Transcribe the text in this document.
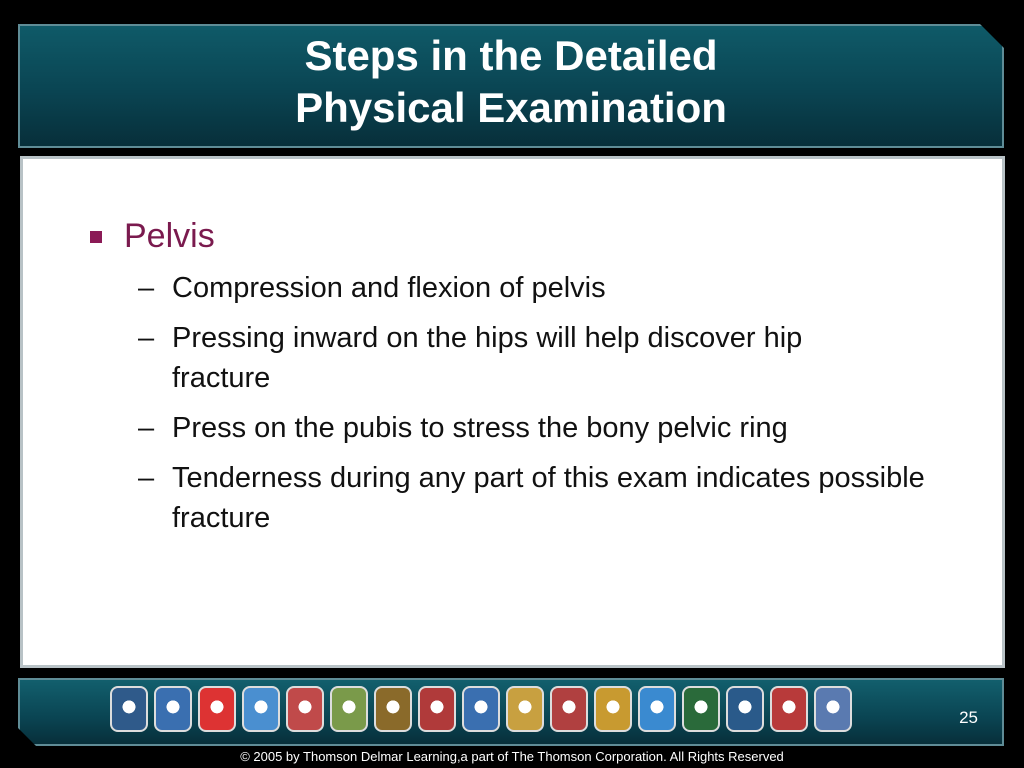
Steps in the Detailed
Physical Examination
Pelvis
– Compression and flexion of pelvis
– Pressing inward on the hips will help discover hip fracture
– Press on the pubis to stress the bony pelvic ring
– Tenderness during any part of this exam indicates possible fracture
25
© 2005 by Thomson Delmar Learning,a part of The Thomson Corporation. All Rights Reserved
